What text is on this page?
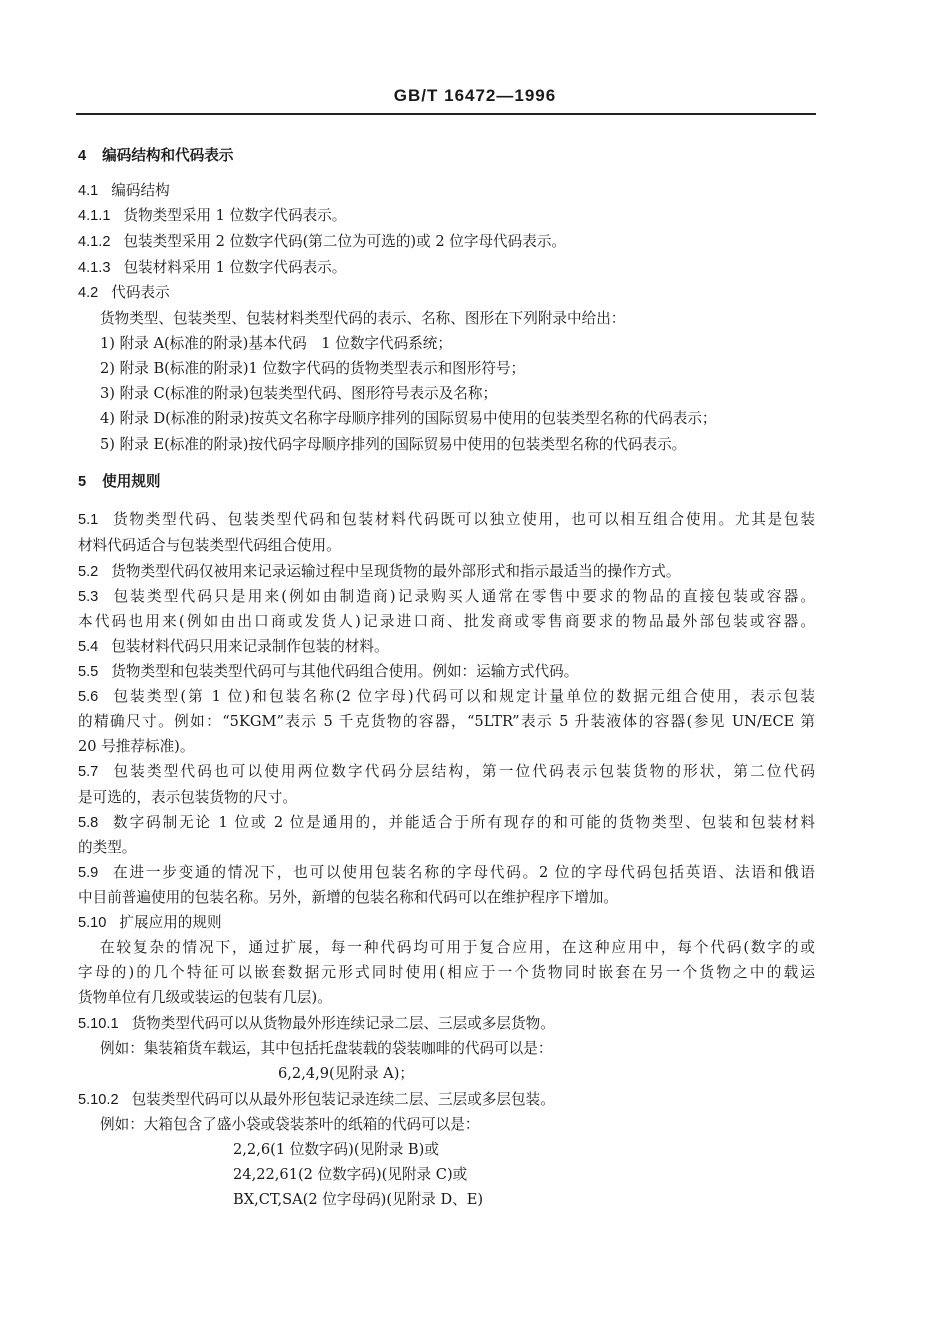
GB/T 16472—1996
4 编码结构和代码表示
4.1 编码结构
4.1.1 货物类型采用 1 位数字代码表示。
4.1.2 包装类型采用 2 位数字代码(第二位为可选的)或 2 位字母代码表示。
4.1.3 包装材料采用 1 位数字代码表示。
4.2 代码表示
货物类型、包装类型、包装材料类型代码的表示、名称、图形在下列附录中给出：
1) 附录 A(标准的附录)基本代码　1 位数字代码系统；
2) 附录 B(标准的附录)1 位数字代码的货物类型表示和图形符号；
3) 附录 C(标准的附录)包装类型代码、图形符号表示及名称；
4) 附录 D(标准的附录)按英文名称字母顺序排列的国际贸易中使用的包装类型名称的代码表示；
5) 附录 E(标准的附录)按代码字母顺序排列的国际贸易中使用的包装类型名称的代码表示。
5 使用规则
5.1 货物类型代码、包装类型代码和包装材料代码既可以独立使用，也可以相互组合使用。尤其是包装
材料代码适合与包装类型代码组合使用。
5.2 货物类型代码仅被用来记录运输过程中呈现货物的最外部形式和指示最适当的操作方式。
5.3 包装类型代码只是用来(例如由制造商)记录购买人通常在零售中要求的物品的直接包装或容器。
本代码也用来(例如由出口商或发货人)记录进口商、批发商或零售商要求的物品最外部包装或容器。
5.4 包装材料代码只用来记录制作包装的材料。
5.5 货物类型和包装类型代码可与其他代码组合使用。例如：运输方式代码。
5.6 包装类型(第 1 位)和包装名称(2 位字母)代码可以和规定计量单位的数据元组合使用，表示包装
的精确尺寸。例如：“5KGM”表示 5 千克货物的容器，“5LTR”表示 5 升装液体的容器(参见 UN/ECE 第
20 号推荐标准)。
5.7 包装类型代码也可以使用两位数字代码分层结构，第一位代码表示包装货物的形状，第二位代码
是可选的，表示包装货物的尺寸。
5.8 数字码制无论 1 位或 2 位是通用的，并能适合于所有现存的和可能的货物类型、包装和包装材料
的类型。
5.9 在进一步变通的情况下，也可以使用包装名称的字母代码。2 位的字母代码包括英语、法语和俄语
中目前普遍使用的包装名称。另外，新增的包装名称和代码可以在维护程序下增加。
5.10 扩展应用的规则
在较复杂的情况下，通过扩展，每一种代码均可用于复合应用，在这种应用中，每个代码(数字的或
字母的)的几个特征可以嵌套数据元形式同时使用(相应于一个货物同时嵌套在另一个货物之中的载运
货物单位有几级或装运的包装有几层)。
5.10.1 货物类型代码可以从货物最外形连续记录二层、三层或多层货物。
例如：集装箱货车载运，其中包括托盘装载的袋装咖啡的代码可以是：
6,2,4,9(见附录 A)；
5.10.2 包装类型代码可以从最外形包装记录连续二层、三层或多层包装。
例如：大箱包含了盛小袋或袋装茶叶的纸箱的代码可以是：
2,2,6(1 位数字码)(见附录 B)或
24,22,61(2 位数字码)(见附录 C)或
BX,CT,SA(2 位字母码)(见附录 D、E)
